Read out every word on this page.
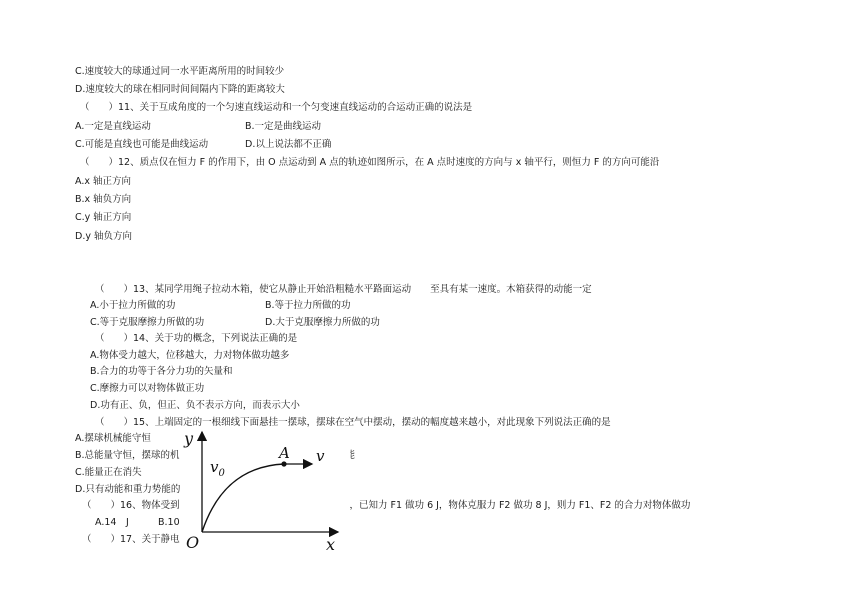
C.速度较大的球通过同一水平距离所用的时间较少
D.速度较大的球在相同时间间隔内下降的距离较大
（　　）11、关于互成角度的一个匀速直线运动和一个匀变速直线运动的合运动正确的说法是
A.一定是直线运动	B.一定是曲线运动
C.可能是直线也可能是曲线运动	D.以上说法都不正确
（　　）12、质点仅在恒力 F 的作用下，由 O 点运动到 A 点的轨迹如图所示，在 A 点时速度的方向与 x 轴平行，则恒力 F 的方向可能沿
A.x 轴正方向
B.x 轴负方向
C.y 轴正方向
D.y 轴负方向
（　　）13、某同学用绳子拉动木箱，使它从静止开始沿粗糙水平路面运动　　至具有某一速度。木箱获得的动能一定
A.小于拉力所做的功	B.等于拉力所做的功
C.等于克服摩擦力所做的功	D.大于克服摩擦力所做的功
（　　）14、关于功的概念，下列说法正确的是
A.物体受力越大，位移越大，力对物体做功越多
B.合力的功等于各分力功的矢量和
C.摩擦力可以对物体做正功
D.功有正、负，但正、负不表示方向，而表示大小
（　　）15、上端固定的一根细线下面悬挂一摆球，摆球在空气中摆动，摆动的幅度越来越小，对此现象下列说法正确的是
A.摆球机械能守恒
B.总能量守恒，摆球的机	为能
C.能量正在消失
D.只有动能和重力势能的
（　　）16、物体受到	动，已知力 F1 做功 6 J，物体克服力 F2 做功 8 J，则力 F1、F2 的合力对物体做功
A.14　J	B.10
（　　）17、关于静电
y
x
O
A
$v_0$
v
